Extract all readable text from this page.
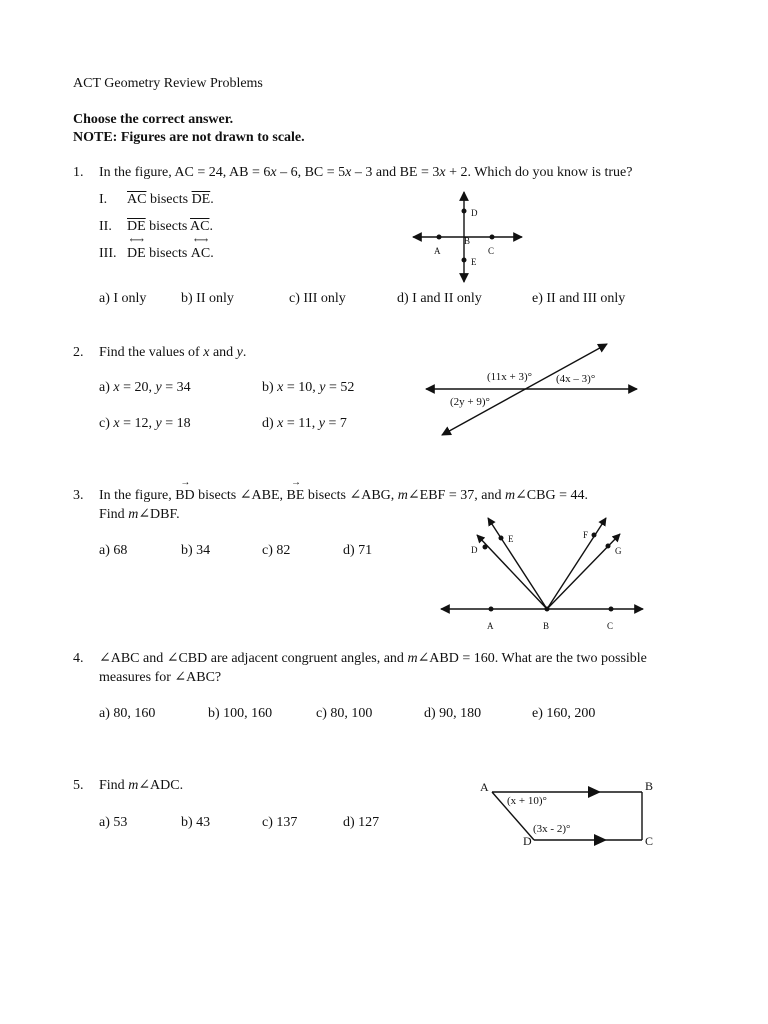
ACT Geometry Review Problems
Choose the correct answer.
NOTE: Figures are not drawn to scale.
1. In the figure, AC = 24, AB = 6x – 6, BC = 5x – 3 and BE = 3x + 2. Which do you know is true?
I. $\overline{AC}$ bisects $\overline{DE}$.
II. $\overline{DE}$ bisects $\overline{AC}$.
III.
⟷
DE bisects
⟷
AC.
D
B
A	C
E
(11x + 3)° (4x – 3)°
(2y + 9)°
D
E	F
G
A	B	C
A	B
C
D
(x + 10)°
(3x - 2)°
a) I only b) II only	c) III only	d) I and II only	e) II and III only
2. Find the values of x and y.
a) x = 20, y = 34	b) x = 10, y = 52
c) x = 12, y = 18	d) x = 11, y = 7
3. In the figure,
→
BD bisects ∠ABE,
→
BE bisects ∠ABG, m∠EBF = 37, and m∠CBG = 44.
Find m∠DBF.
a) 68	b) 34	c) 82	d) 71
4. ∠ABC and ∠CBD are adjacent congruent angles, and m∠ABD = 160. What are the two possible
measures for ∠ABC?
a) 80, 160	b) 100, 160	c) 80, 100	d) 90, 180	e) 160, 200
5. Find m∠ADC.
a) 53	b) 43	c) 137	d) 127
